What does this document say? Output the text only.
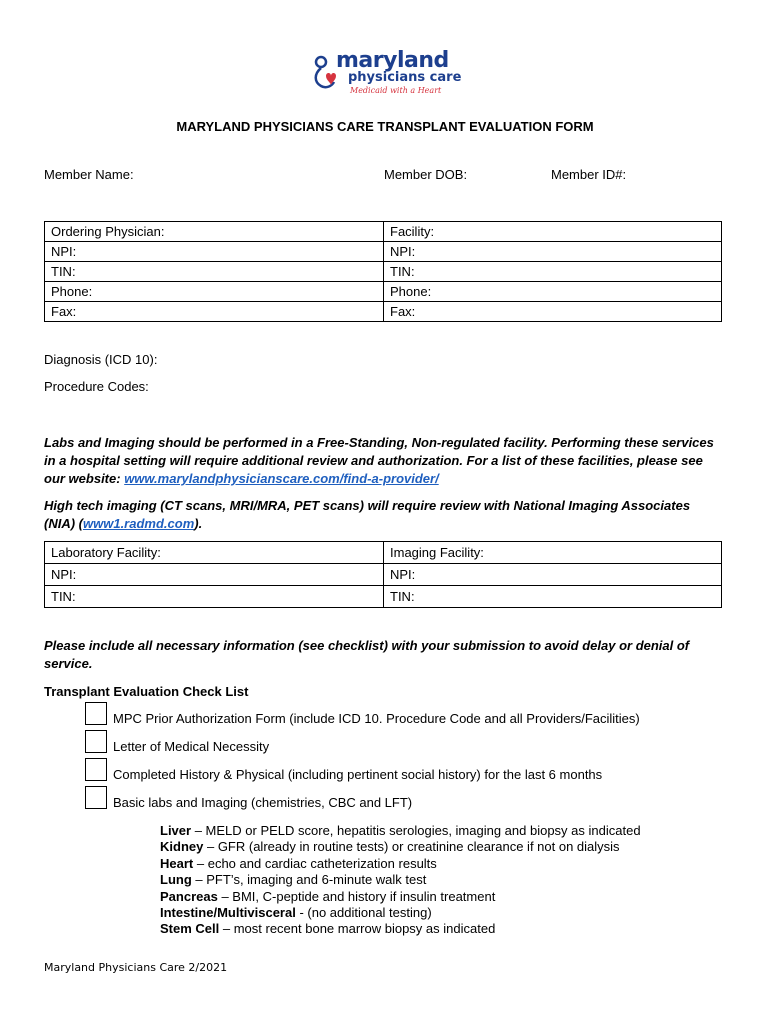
maryland
physicians care
Medicaid with a Heart
MARYLAND PHYSICIANS CARE TRANSPLANT EVALUATION FORM
Member Name:	Member DOB:	Member ID#:
Ordering Physician:	Facility:
NPI:	NPI:
TIN:	TIN:
Phone:	Phone:
Fax:	Fax:
Diagnosis (ICD 10):
Procedure Codes:
Labs and Imaging should be performed in a Free-Standing, Non-regulated facility. Performing these services in a hospital setting will require additional review and authorization. For a list of these facilities, please see our website: www.marylandphysicianscare.com/find-a-provider/
High tech imaging (CT scans, MRI/MRA, PET scans) will require review with National Imaging Associates (NIA) (www1.radmd.com).
Laboratory Facility:	Imaging Facility:
NPI:	NPI:
TIN:	TIN:
Please include all necessary information (see checklist) with your submission to avoid delay or denial of service.
Transplant Evaluation Check List
MPC Prior Authorization Form (include ICD 10. Procedure Code and all Providers/Facilities)
Letter of Medical Necessity
Completed History & Physical (including pertinent social history) for the last 6 months
Basic labs and Imaging (chemistries, CBC and LFT)
Liver – MELD or PELD score, hepatitis serologies, imaging and biopsy as indicated
Kidney – GFR (already in routine tests) or creatinine clearance if not on dialysis
Heart – echo and cardiac catheterization results
Lung – PFT’s, imaging and 6-minute walk test
Pancreas – BMI, C-peptide and history if insulin treatment
Intestine/Multivisceral - (no additional testing)
Stem Cell – most recent bone marrow biopsy as indicated
Maryland Physicians Care 2/2021
